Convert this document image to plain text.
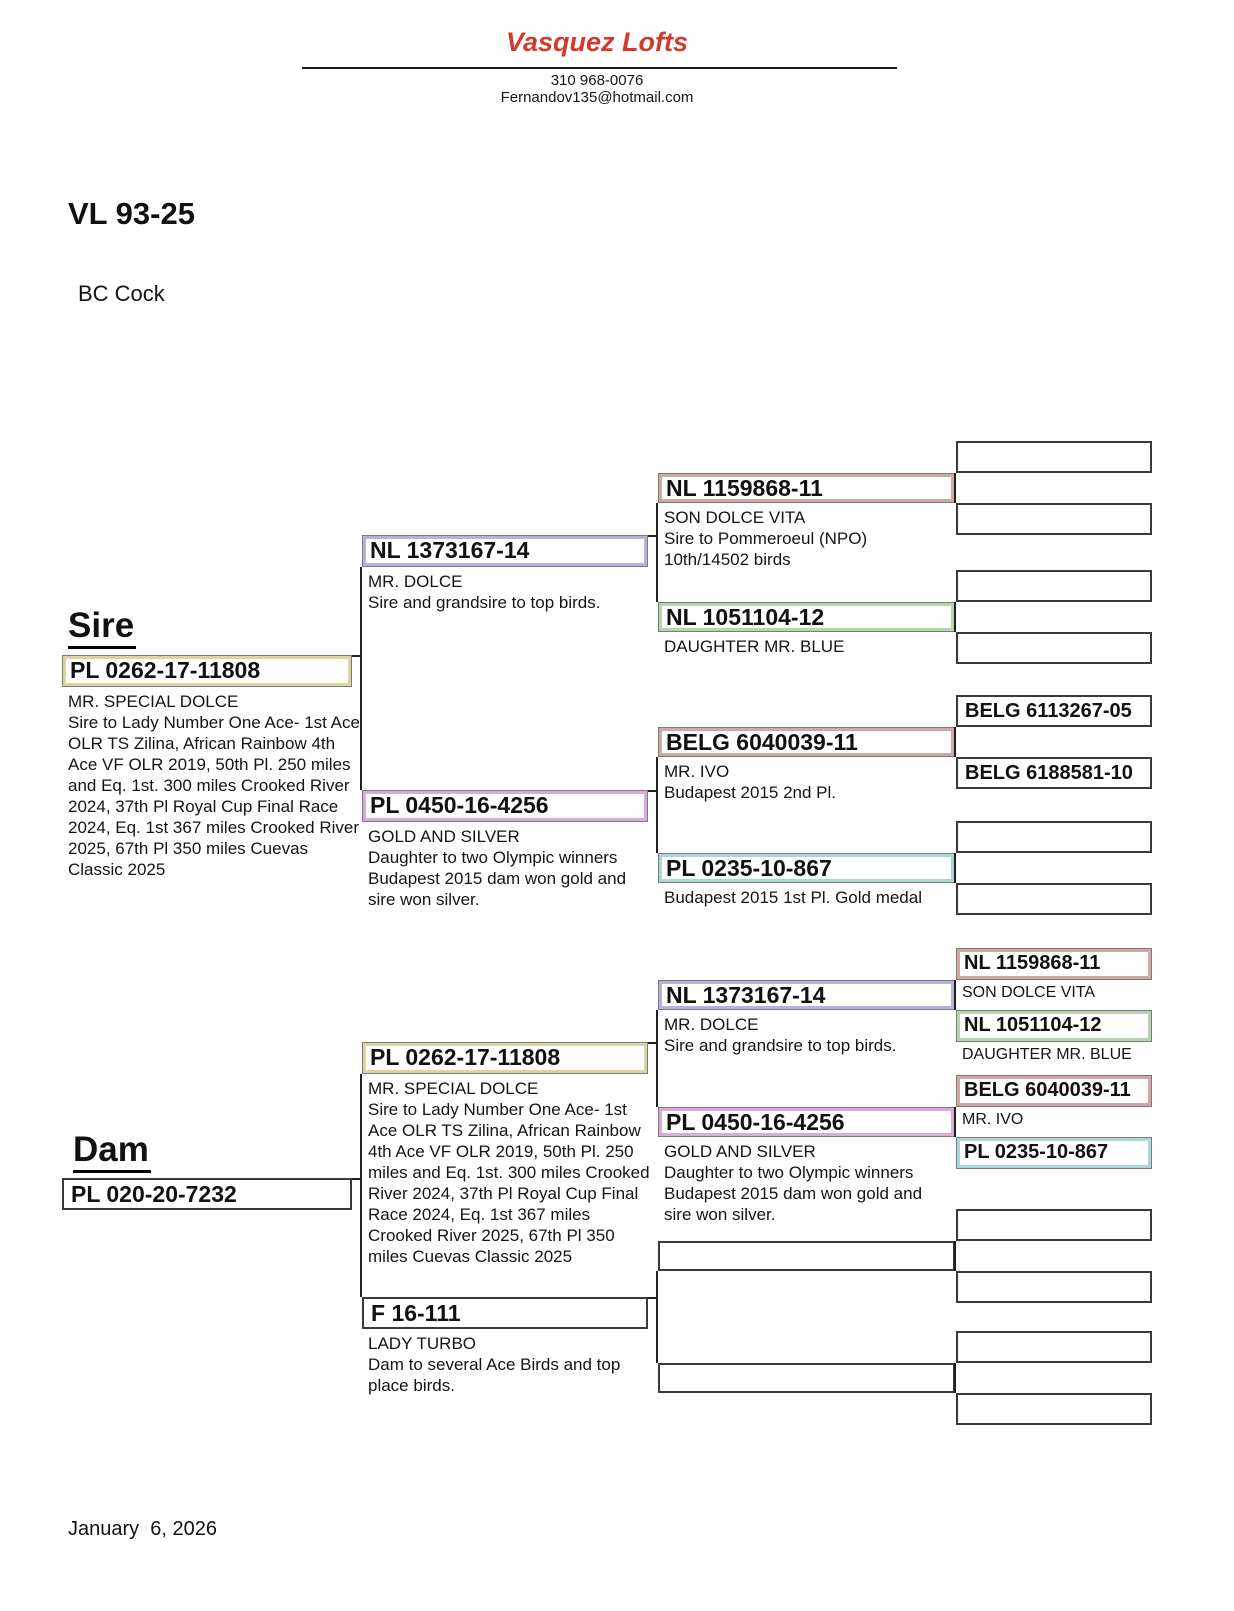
Vasquez Lofts
310 968-0076
Fernandov135@hotmail.com
VL 93-25
BC Cock
Sire
Dam
PL 0262-17-11808
MR. SPECIAL DOLCE
Sire to Lady Number One Ace- 1st Ace OLR TS Zilina, African Rainbow 4th Ace VF OLR 2019, 50th Pl. 250 miles and Eq. 1st. 300 miles Crooked River 2024, 37th Pl Royal Cup Final Race 2024, Eq. 1st 367 miles Crooked River 2025, 67th Pl 350 miles Cuevas Classic 2025
PL 020-20-7232
NL 1373167-14
MR. DOLCE
Sire and grandsire to top birds.
PL 0450-16-4256
GOLD AND SILVER
Daughter to two Olympic winners Budapest 2015 dam won gold and sire won silver.
PL 0262-17-11808
MR. SPECIAL DOLCE
Sire to Lady Number One Ace- 1st Ace OLR TS Zilina, African Rainbow 4th Ace VF OLR 2019, 50th Pl. 250 miles and Eq. 1st. 300 miles Crooked River 2024, 37th Pl Royal Cup Final Race 2024, Eq. 1st 367 miles Crooked River 2025, 67th Pl 350 miles Cuevas Classic 2025
F 16-111
LADY TURBO
Dam to several Ace Birds and top place birds.
NL 1159868-11
SON DOLCE VITA
Sire to Pommeroeul (NPO) 10th/14502 birds
NL 1051104-12
DAUGHTER MR. BLUE
BELG 6040039-11
MR. IVO
Budapest 2015 2nd Pl.
PL 0235-10-867
Budapest 2015 1st Pl. Gold medal
NL 1373167-14
MR. DOLCE
Sire and grandsire to top birds.
PL 0450-16-4256
GOLD AND SILVER
Daughter to two Olympic winners Budapest 2015 dam won gold and sire won silver.
BELG 6113267-05
BELG 6188581-10
NL 1159868-11
SON DOLCE VITA
NL 1051104-12
DAUGHTER MR. BLUE
BELG 6040039-11
MR. IVO
PL 0235-10-867
January  6, 2026
